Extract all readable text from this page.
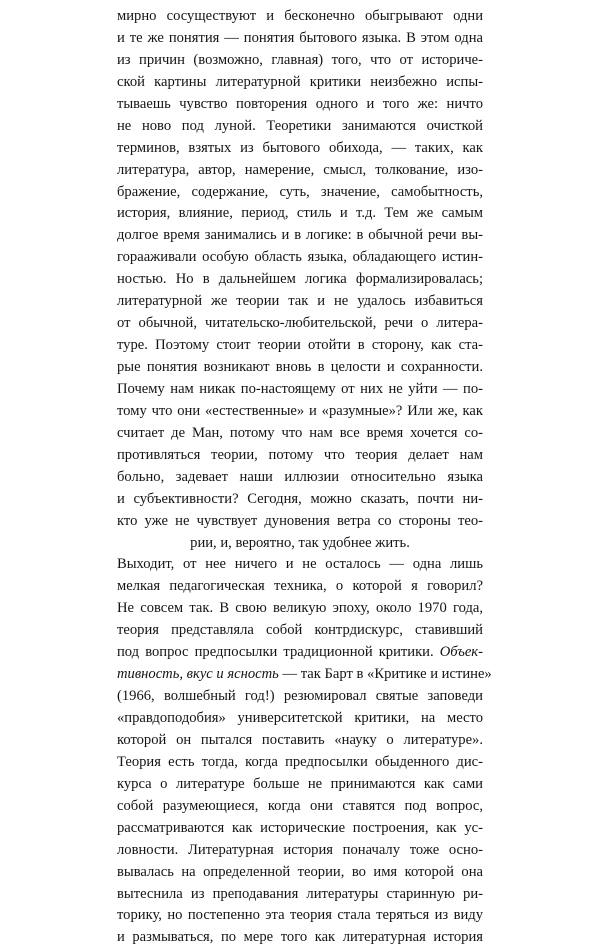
мирно сосуществуют и бесконечно обыгрывают одни
и те же понятия — понятия бытового языка. В этом одна
из причин (возможно, главная) того, что от историче-
ской картины литературной критики неизбежно испы-
тываешь чувство повторения одного и того же: ничто
не ново под луной. Теоретики занимаются очисткой
терминов, взятых из бытового обихода, — таких, как
литература, автор, намерение, смысл, толкование, изо-
бражение, содержание, суть, значение, самобытность,
история, влияние, период, стиль и т.д. Тем же самым
долгое время занимались и в логике: в обычной речи вы-
горааживали особую область языка, обладающего истин-
ностью. Но в дальнейшем логика формализировалась;
литературной же теории так и не удалось избавиться
от обычной, читательско-любительской, речи о литера-
туре. Поэтому стоит теории отойти в сторону, как ста-
рые понятия возникают вновь в целости и сохранности.
Почему нам никак по-настоящему от них не уйти — по-
тому что они «естественные» и «разумные»? Или же, как
считает де Ман, потому что нам все время хочется со-
противляться теории, потому что теория делает нам
больно, задевает наши иллюзии относительно языка
и субъективности? Сегодня, можно сказать, почти ни-
кто уже не чувствует дуновения ветра со стороны тео-
рии, и, вероятно, так удобнее жить.
Выходит, от нее ничего и не осталось — одна лишь
мелкая педагогическая техника, о которой я говорил?
Не совсем так. В свою великую эпоху, около 1970 года,
теория представляла собой контрдискурс, ставивший
под вопрос предпосылки традиционной критики. Объек-
тивность, вкус и ясность — так Барт в «Критике и истине»
(1966, волшебный год!) резюмировал святые заповеди
«правдоподобия» университетской критики, на место
которой он пытался поставить «науку о литературе».
Теория есть тогда, когда предпосылки обыденного дис-
курса о литературе больше не принимаются как сами
собой разумеющиеся, когда они ставятся под вопрос,
рассматриваются как исторические построения, как ус-
ловности. Литературная история поначалу тоже осно-
вывалась на определенной теории, во имя которой она
вытеснила из преподавания литературы старинную ри-
торику, но постепенно эта теория стала теряться из виду
и размываться, по мере того как литературная история
